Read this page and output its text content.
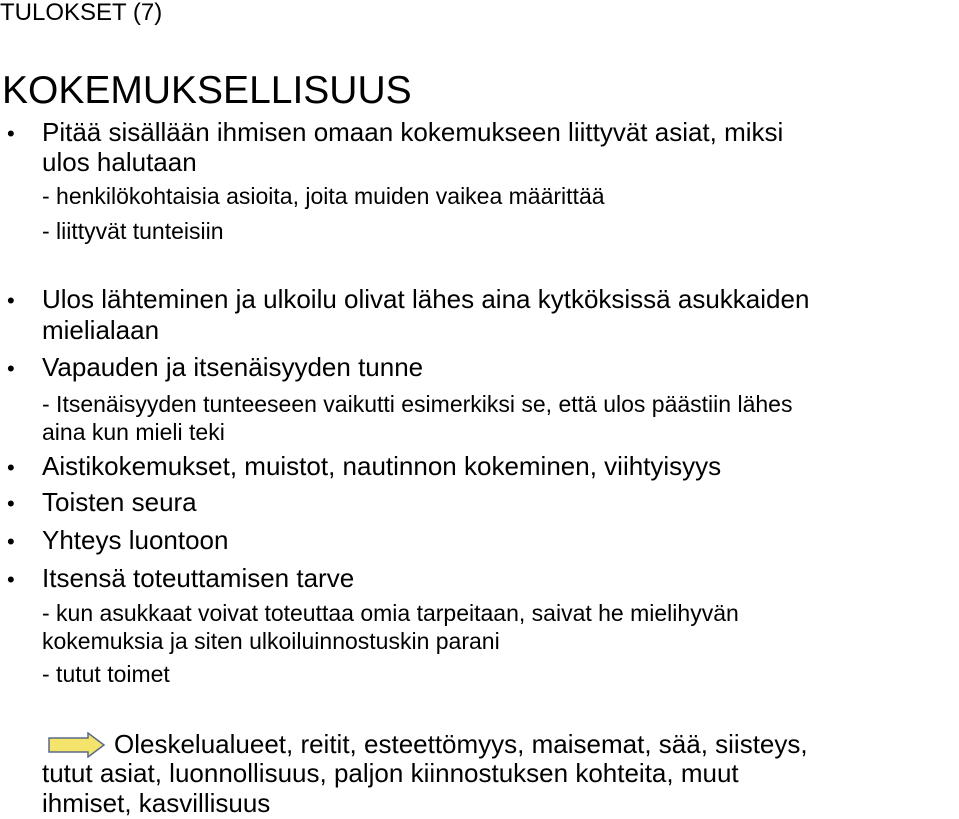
TULOKSET (7)
KOKEMUKSELLISUUS
• Pitää sisällään ihmisen omaan kokemukseen liittyvät asiat, miksi
ulos halutaan
- henkilökohtaisia asioita, joita muiden vaikea määrittää
- liittyvät tunteisiin
• Ulos lähteminen ja ulkoilu olivat lähes aina kytköksissä asukkaiden
mielialaan
• Vapauden ja itsenäisyyden tunne
- Itsenäisyyden tunteeseen vaikutti esimerkiksi se, että ulos päästiin lähes
aina kun mieli teki
• Aistikokemukset, muistot, nautinnon kokeminen, viihtyisyys
• Toisten seura
• Yhteys luontoon
• Itsensä toteuttamisen tarve
- kun asukkaat voivat toteuttaa omia tarpeitaan, saivat he mielihyvän
kokemuksia ja siten ulkoiluinnostuskin parani
- tutut toimet
Oleskelualueet, reitit, esteettömyys, maisemat, sää, siisteys,
tutut asiat, luonnollisuus, paljon kiinnostuksen kohteita, muut
ihmiset, kasvillisuus
